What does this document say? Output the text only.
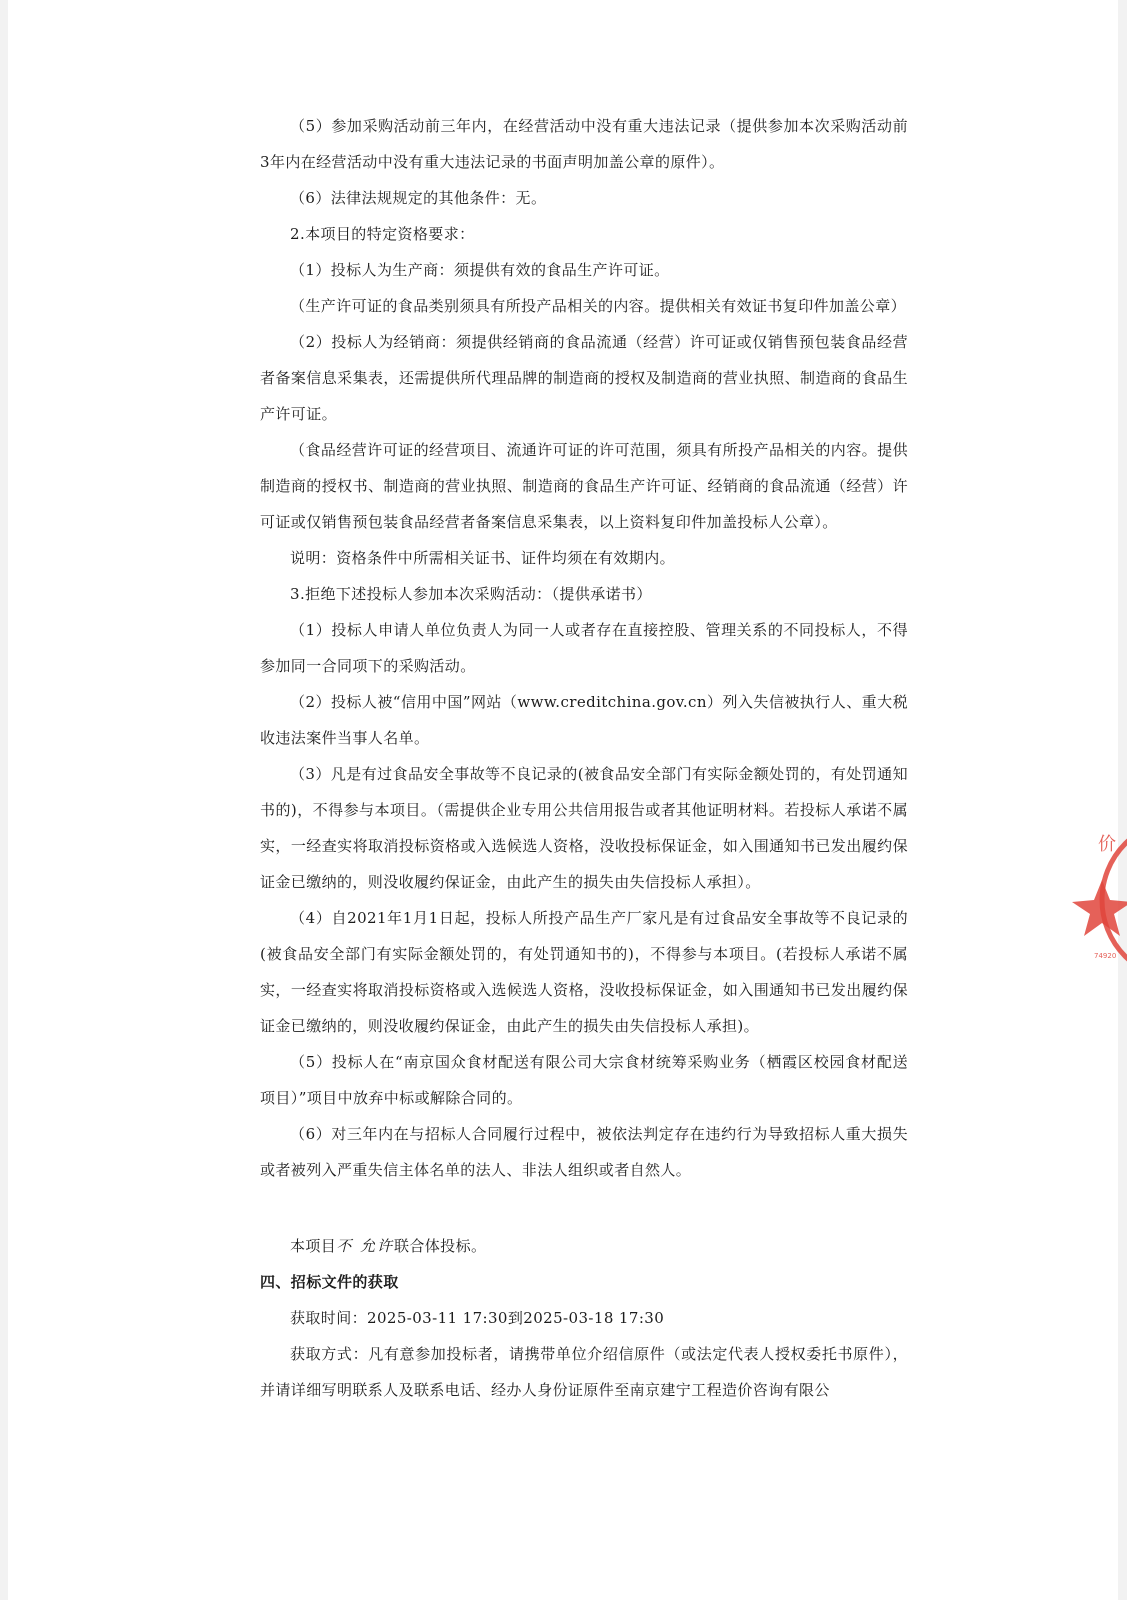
（5）参加采购活动前三年内，在经营活动中没有重大违法记录（提供参加本次采购活动前3年内在经营活动中没有重大违法记录的书面声明加盖公章的原件）。

（6）法律法规规定的其他条件：无。

2.本项目的特定资格要求：

（1）投标人为生产商：须提供有效的食品生产许可证。

（生产许可证的食品类别须具有所投产品相关的内容。提供相关有效证书复印件加盖公章）

（2）投标人为经销商：须提供经销商的食品流通（经营）许可证或仅销售预包装食品经营者备案信息采集表，还需提供所代理品牌的制造商的授权及制造商的营业执照、制造商的食品生产许可证。

（食品经营许可证的经营项目、流通许可证的许可范围，须具有所投产品相关的内容。提供制造商的授权书、制造商的营业执照、制造商的食品生产许可证、经销商的食品流通（经营）许可证或仅销售预包装食品经营者备案信息采集表，以上资料复印件加盖投标人公章）。

说明：资格条件中所需相关证书、证件均须在有效期内。

3.拒绝下述投标人参加本次采购活动：（提供承诺书）

（1）投标人申请人单位负责人为同一人或者存在直接控股、管理关系的不同投标人，不得参加同一合同项下的采购活动。

（2）投标人被“信用中国”网站（www.creditchina.gov.cn）列入失信被执行人、重大税收违法案件当事人名单。

（3）凡是有过食品安全事故等不良记录的(被食品安全部门有实际金额处罚的，有处罚通知书的)，不得参与本项目。（需提供企业专用公共信用报告或者其他证明材料。若投标人承诺不属实，一经查实将取消投标资格或入选候选人资格，没收投标保证金，如入围通知书已发出履约保证金已缴纳的，则没收履约保证金，由此产生的损失由失信投标人承担）。

（4）自2021年1月1日起，投标人所投产品生产厂家凡是有过食品安全事故等不良记录的(被食品安全部门有实际金额处罚的，有处罚通知书的)，不得参与本项目。(若投标人承诺不属实，一经查实将取消投标资格或入选候选人资格，没收投标保证金，如入围通知书已发出履约保证金已缴纳的，则没收履约保证金，由此产生的损失由失信投标人承担)。

（5）投标人在“南京国众食材配送有限公司大宗食材统筹采购业务（栖霞区校园食材配送项目）”项目中放弃中标或解除合同的。

（6）对三年内在与招标人合同履行过程中，被依法判定存在违约行为导致招标人重大损失或者被列入严重失信主体名单的法人、非法人组织或者自然人。

本项目不 允许联合体投标。

四、招标文件的获取

获取时间：2025-03-11 17:30到2025-03-18 17:30

获取方式：凡有意参加投标者，请携带单位介绍信原件（或法定代表人授权委托书原件），并请详细写明联系人及联系电话、经办人身份证原件至南京建宁工程造价咨询有限公

价
74920
